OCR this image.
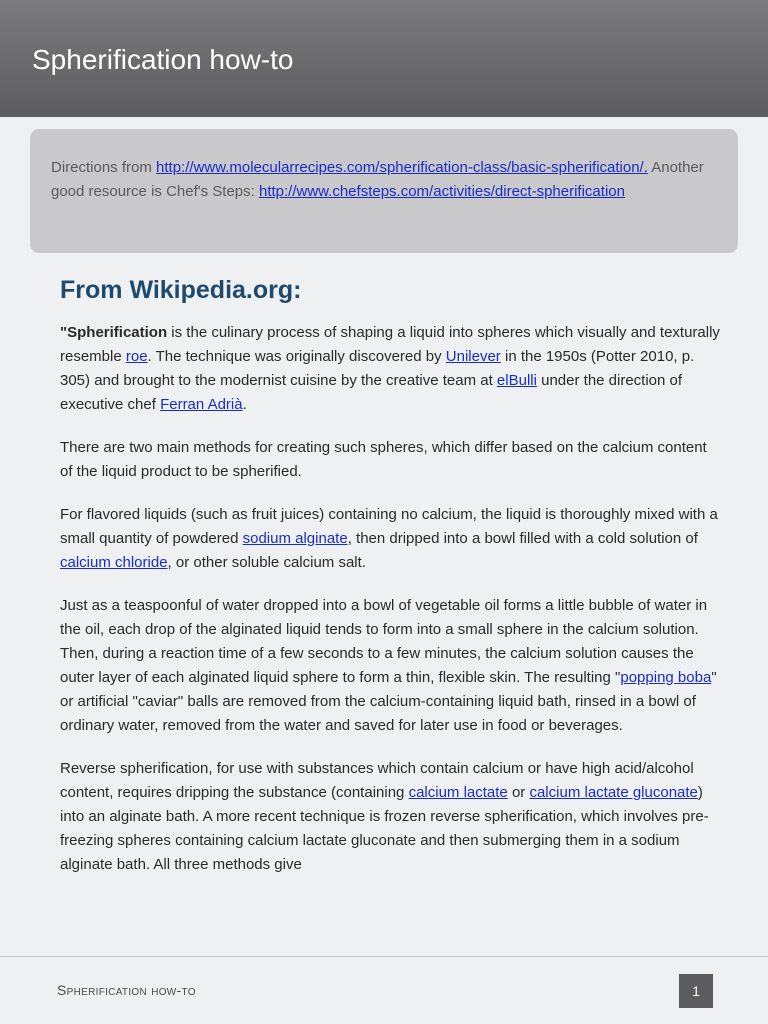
Spherification how-to
Directions from http://www.molecularrecipes.com/spherification-class/basic-spherification/. Another good resource is Chef's Steps: http://www.chefsteps.com/activities/direct-spherification
From Wikipedia.org:

"Spherification is the culinary process of shaping a liquid into spheres which visually and texturally resemble roe. The technique was originally discovered by Unilever in the 1950s (Potter 2010, p. 305) and brought to the modernist cuisine by the creative team at elBulli under the direction of executive chef Ferran Adrià.

There are two main methods for creating such spheres, which differ based on the calcium content of the liquid product to be spherified.

For flavored liquids (such as fruit juices) containing no calcium, the liquid is thoroughly mixed with a small quantity of powdered sodium alginate, then dripped into a bowl filled with a cold solution of calcium chloride, or other soluble calcium salt.

Just as a teaspoonful of water dropped into a bowl of vegetable oil forms a little bubble of water in the oil, each drop of the alginated liquid tends to form into a small sphere in the calcium solution. Then, during a reaction time of a few seconds to a few minutes, the calcium solution causes the outer layer of each alginated liquid sphere to form a thin, flexible skin. The resulting "popping boba" or artificial "caviar" balls are removed from the calcium-containing liquid bath, rinsed in a bowl of ordinary water, removed from the water and saved for later use in food or beverages.

Reverse spherification, for use with substances which contain calcium or have high acid/alcohol content, requires dripping the substance (containing calcium lactate or calcium lactate gluconate) into an alginate bath. A more recent technique is frozen reverse spherification, which involves pre-freezing spheres containing calcium lactate gluconate and then submerging them in a sodium alginate bath. All three methods give

Spherification how-to	1
